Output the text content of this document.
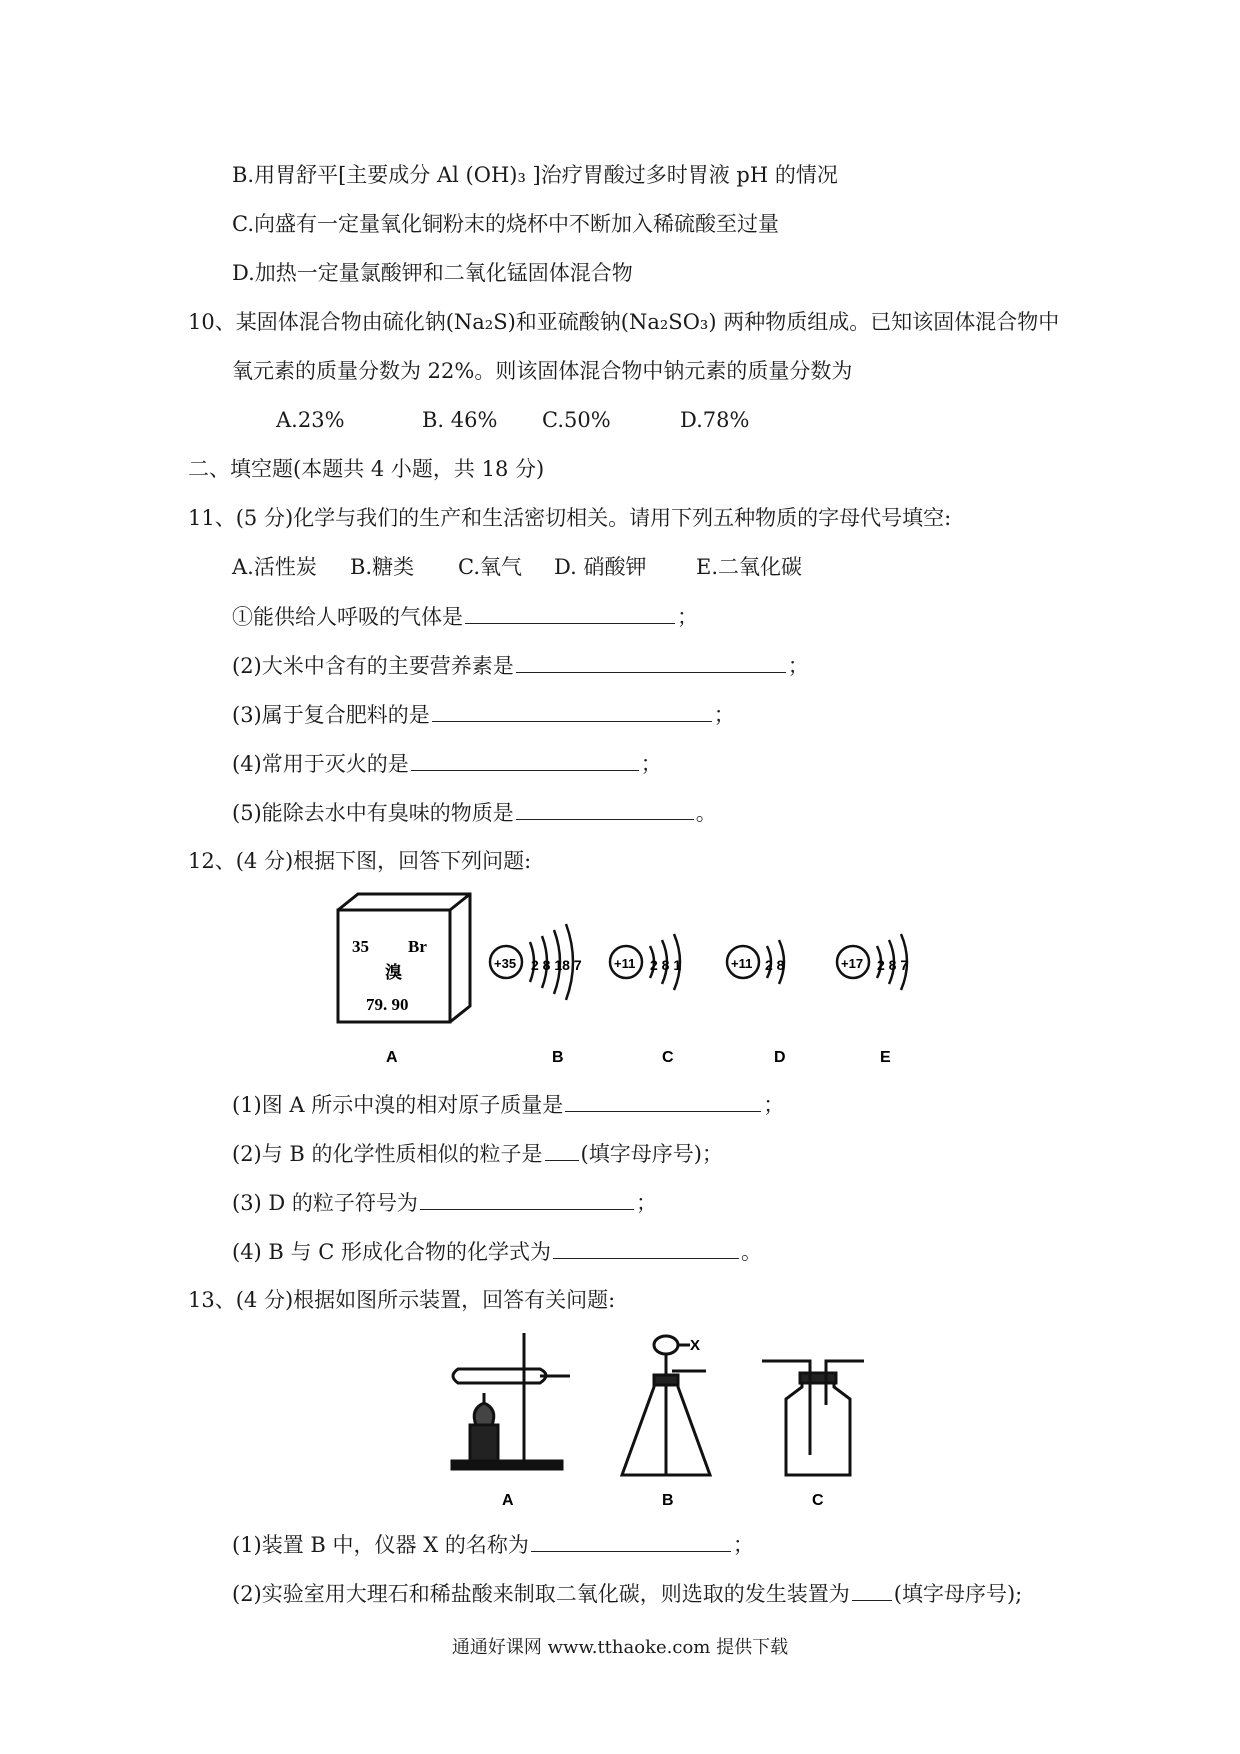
B.用胃舒平[主要成分 Al (OH)₃ ]治疗胃酸过多时胃液 pH 的情况
C.向盛有一定量氧化铜粉末的烧杯中不断加入稀硫酸至过量
D.加热一定量氯酸钾和二氧化锰固体混合物
10、某固体混合物由硫化钠(Na₂S)和亚硫酸钠(Na₂SO₃) 两种物质组成。已知该固体混合物中
氧元素的质量分数为 22%。则该固体混合物中钠元素的质量分数为
A.23%	B. 46% C.50%	D.78%
二、填空题(本题共 4 小题，共 18 分)
11、(5 分)化学与我们的生产和生活密切相关。请用下列五种物质的字母代号填空:
A.活性炭 B.糖类 C.氧气 D. 硝酸钾 E.二氧化碳
①能供给人呼吸的气体是	；
(2)大米中含有的主要营养素是	；
(3)属于复合肥料的是	；
(4)常用于灭火的是	；
(5)能除去水中有臭味的物质是	。
12、(4 分)根据下图，回答下列问题:
35 Br
溴
79. 90
+35 2 8 18 7 +11 2 8 1	+11 2 8	+17 2 8 7
A	B	C	D	E
(1)图 A 所示中溴的相对原子质量是	；
(2)与 B 的化学性质相似的粒子是 (填字母序号)；
(3) D 的粒子符号为	；
(4) B 与 C 形成化合物的化学式为	。
13、(4 分)根据如图所示装置，回答有关问题:
X
A	B	C
(1)装置 B 中，仪器 X 的名称为	；
(2)实验室用大理石和稀盐酸来制取二氧化碳，则选取的发生装置为 (填字母序号);
通通好课网 www.tthaoke.com 提供下载
